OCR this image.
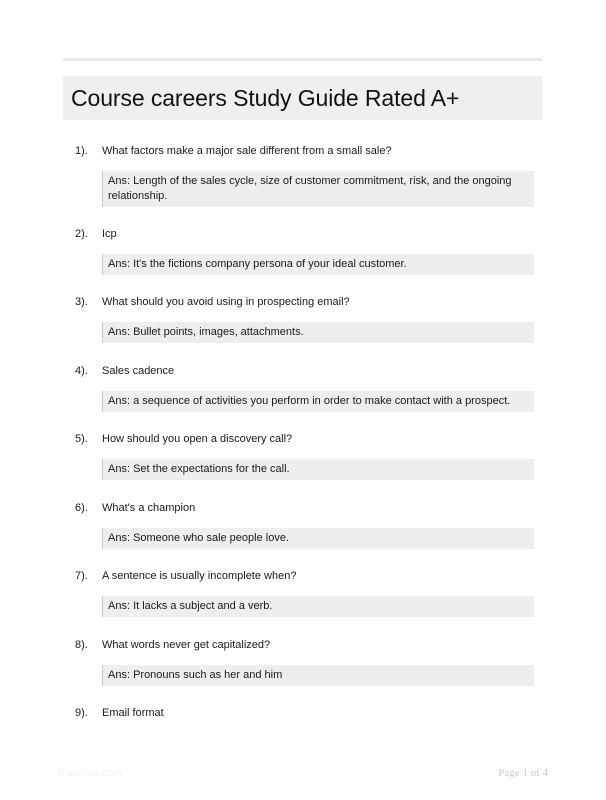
Course careers Study Guide Rated A+
1). What factors make a major sale different from a small sale?
Ans: Length of the sales cycle, size of customer commitment, risk, and the ongoing relationship.
2). Icp
Ans: It's the fictions company persona of your ideal customer.
3). What should you avoid using in prospecting email?
Ans: Bullet points, images, attachments.
4). Sales cadence
Ans: a sequence of activities you perform in order to make contact with a prospect.
5). How should you open a discovery call?
Ans: Set the expectations for the call.
6). What's a champion
Ans: Someone who sale people love.
7). A sentence is usually incomplete when?
Ans: It lacks a subject and a verb.
8). What words never get capitalized?
Ans: Pronouns such as her and him
9). Email format
Paperlibs.com	Page 1 of 4
